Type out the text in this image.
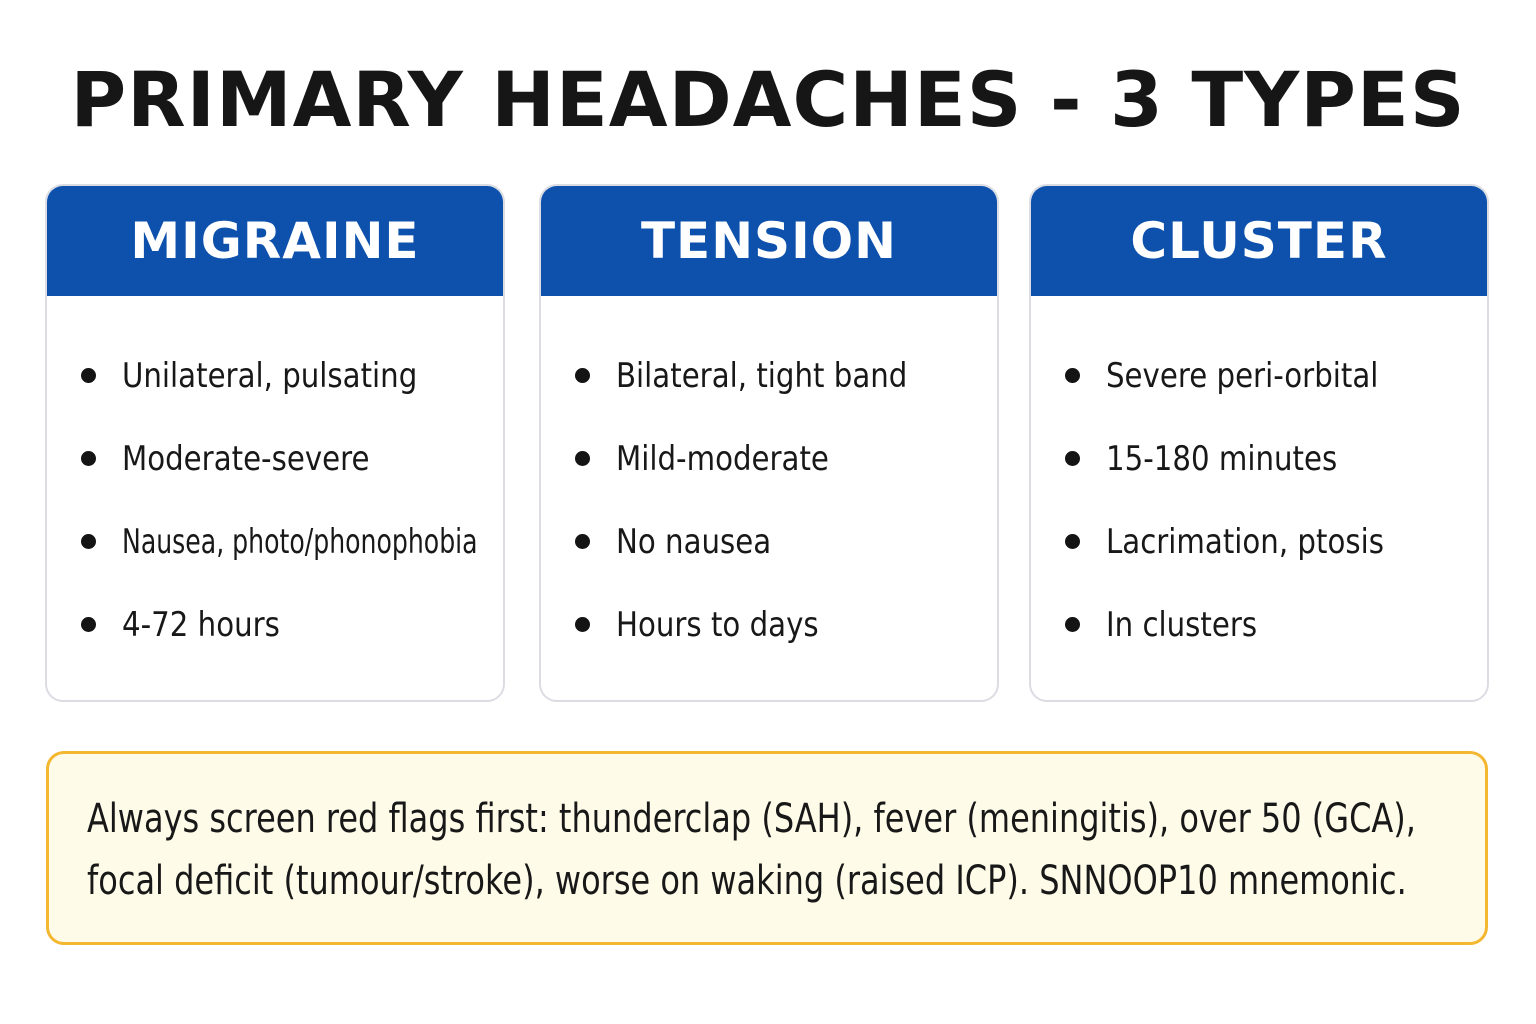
PRIMARY HEADACHES - 3 TYPES
MIGRAINE
Unilateral, pulsating
Moderate-severe
Nausea, photo/phonophobia
4-72 hours
TENSION
Bilateral, tight band
Mild-moderate
No nausea
Hours to days
CLUSTER
Severe peri-orbital
15-180 minutes
Lacrimation, ptosis
In clusters
Always screen red flags first: thunderclap (SAH), fever (meningitis), over 50 (GCA),
focal deficit (tumour/stroke), worse on waking (raised ICP). SNNOOP10 mnemonic.
